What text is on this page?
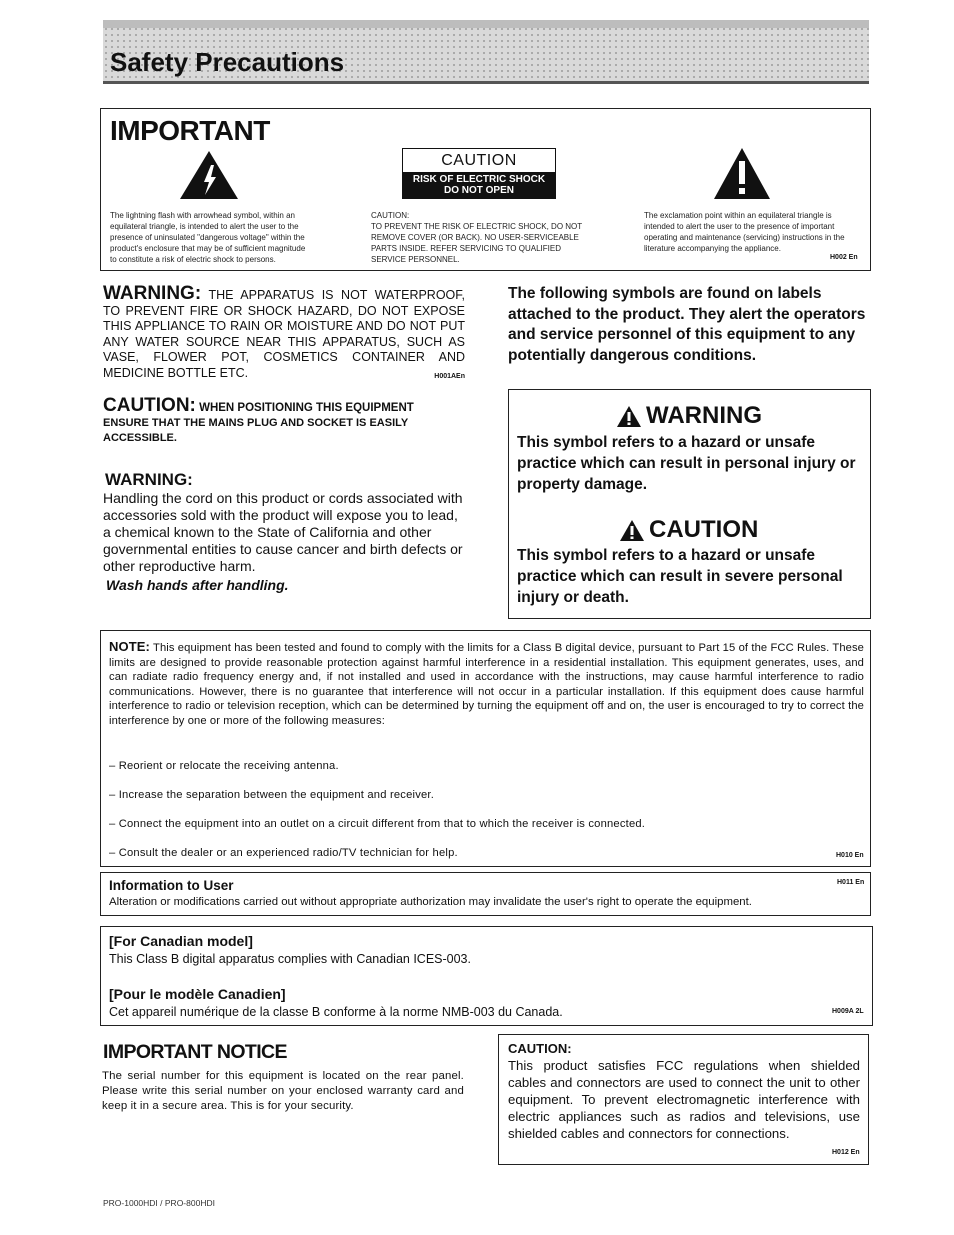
Safety Precautions
IMPORTANT
CAUTION
RISK OF ELECTRIC SHOCK
DO NOT OPEN
The lightning flash with arrowhead symbol, within an
equilateral triangle, is intended to alert the user to the
presence of uninsulated "dangerous voltage" within the
product's enclosure that may be of sufficient magnitude
to constitute a risk of electric shock to persons.
CAUTION:
TO PREVENT THE RISK OF ELECTRIC SHOCK, DO NOT
REMOVE COVER (OR BACK). NO USER-SERVICEABLE
PARTS INSIDE. REFER SERVICING TO QUALIFIED
SERVICE PERSONNEL.
The exclamation point within an equilateral triangle is
intended to alert the user to the presence of important
operating and maintenance (servicing) instructions in the
literature accompanying the appliance.
H002 En
WARNING: THE APPARATUS IS NOT WATERPROOF, TO PREVENT FIRE OR SHOCK HAZARD, DO NOT EXPOSE THIS APPLIANCE TO RAIN OR MOISTURE AND DO NOT PUT ANY WATER SOURCE NEAR THIS APPARATUS, SUCH AS VASE, FLOWER POT, COSMETICS CONTAINER AND MEDICINE BOTTLE ETC.	H001AEn
CAUTION: WHEN POSITIONING THIS EQUIPMENT
ENSURE THAT THE MAINS PLUG AND SOCKET IS EASILY ACCESSIBLE.
WARNING:
Handling the cord on this product or cords associated with accessories sold with the product will expose you to lead, a chemical known to the State of California and other governmental entities to cause cancer and birth defects or other reproductive harm.
Wash hands after handling.
The following symbols are found on labels attached to the product. They alert the operators and service personnel of this equipment to any potentially dangerous conditions.
WARNING
This symbol refers to a hazard or unsafe practice which can result in personal injury or property damage.
CAUTION
This symbol refers to a hazard or unsafe practice which can result in severe personal injury or death.
NOTE: This equipment has been tested and found to comply with the limits for a Class B digital device, pursuant to Part 15 of the FCC Rules. These limits are designed to provide reasonable protection against harmful interference in a residential installation. This equipment generates, uses, and can radiate radio frequency energy and, if not installed and used in accordance with the instructions, may cause harmful interference to radio communications. However, there is no guarantee that interference will not occur in a particular installation. If this equipment does cause harmful interference to radio or television reception, which can be determined by turning the equipment off and on, the user is encouraged to try to correct the interference by one or more of the following measures:
– Reorient or relocate the receiving antenna.
– Increase the separation between the equipment and receiver.
– Connect the equipment into an outlet on a circuit different from that to which the receiver is connected.
– Consult the dealer or an experienced radio/TV technician for help.	H010 En
Information to User	H011 En
Alteration or modifications carried out without appropriate authorization may invalidate the user's right to operate the equipment.
[For Canadian model]
This Class B digital apparatus complies with Canadian ICES-003.
[Pour le modèle Canadien]
Cet appareil numérique de la classe B conforme à la norme NMB-003 du Canada.	H009A 2L
IMPORTANT NOTICE
The serial number for this equipment is located on the rear panel. Please write this serial number on your enclosed warranty card and keep it in a secure area. This is for your security.
CAUTION:
This product satisfies FCC regulations when shielded cables and connectors are used to connect the unit to other equipment. To prevent electromagnetic interference with electric appliances such as radios and televisions, use shielded cables and connectors for connections.
H012 En
PRO-1000HDI / PRO-800HDI
